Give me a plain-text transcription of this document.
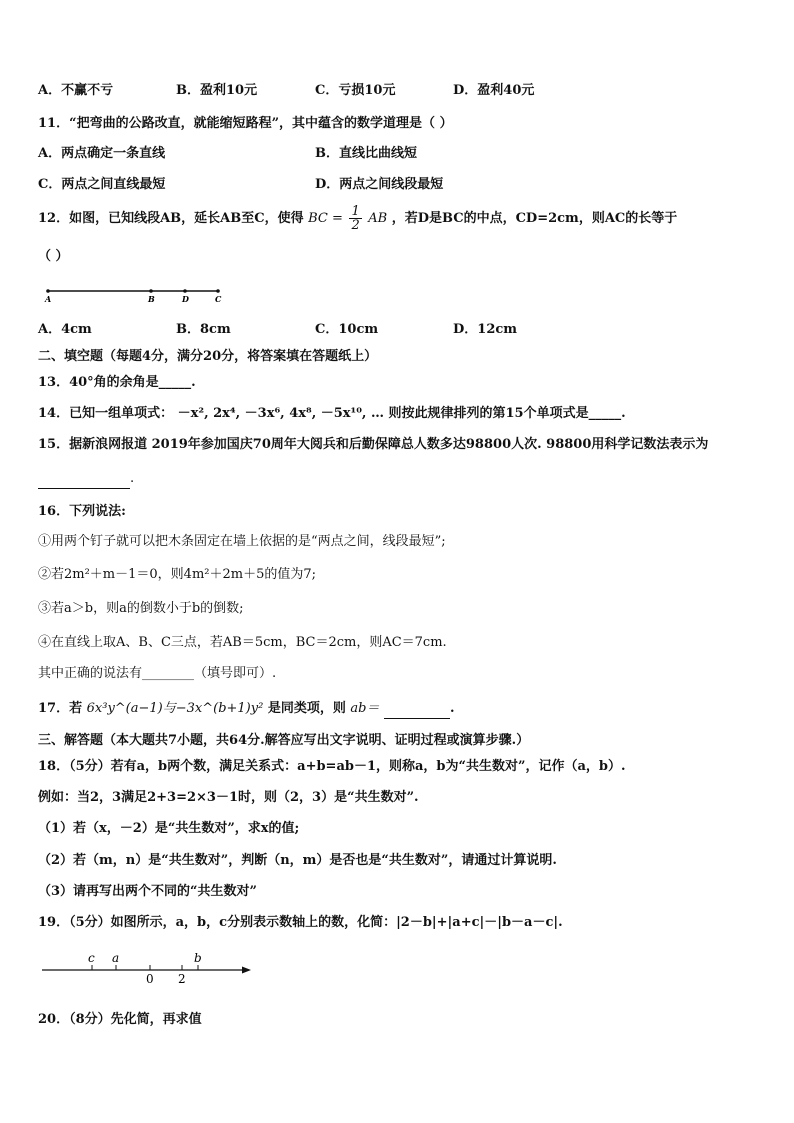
A．不赢不亏	B．盈利10元	C．亏损10元	D．盈利40元
11．“把弯曲的公路改直，就能缩短路程”，其中蕴含的数学道理是（ ）
A．两点确定一条直线	B．直线比曲线短
C．两点之间直线最短	D．两点之间线段最短
12．如图，已知线段AB，延长AB至C，使得 BC = $\frac{1}{2}$ AB ，若D是BC的中点，CD=2cm，则AC的长等于
（ ）
A	B	D	C
A．4cm	B．8cm	C．10cm	D．12cm
二、填空题（每题4分，满分20分，将答案填在答题纸上）
13．40°角的余角是_____.
14．已知一组单项式： －x², 2x⁴, －3x⁶, 4x⁸, －5x¹⁰, … 则按此规律排列的第15个单项式是_____.
15．据新浪网报道 2019年参加国庆70周年大阅兵和后勤保障总人数多达98800人次. 98800用科学记数法表示为
.
16．下列说法:
①用两个钉子就可以把木条固定在墙上依据的是“两点之间，线段最短”;
②若2m²＋m－1＝0，则4m²＋2m＋5的值为7;
③若a＞b，则a的倒数小于b的倒数;
④在直线上取A、B、C三点，若AB＝5cm，BC＝2cm，则AC＝7cm.
其中正确的说法有________（填号即可）.
17．若 6x³y^(a−1)与−3x^(b+1)y² 是同类项，则 ab＝	.
三、解答题（本大题共7小题，共64分.解答应写出文字说明、证明过程或演算步骤.）
18．（5分）若有a，b两个数，满足关系式：a+b=ab－1，则称a，b为“共生数对”，记作（a，b）.
例如：当2，3满足2+3=2×3－1时，则（2，3）是“共生数对”.
（1）若（x，－2）是“共生数对”，求x的值;
（2）若（m，n）是“共生数对”，判断（n，m）是否也是“共生数对”，请通过计算说明.
（3）请再写出两个不同的“共生数对”
19．（5分）如图所示，a，b，c分别表示数轴上的数，化简：|2－b|+|a+c|－|b－a－c|.
c a
0 2
b
20．（8分）先化简，再求值
